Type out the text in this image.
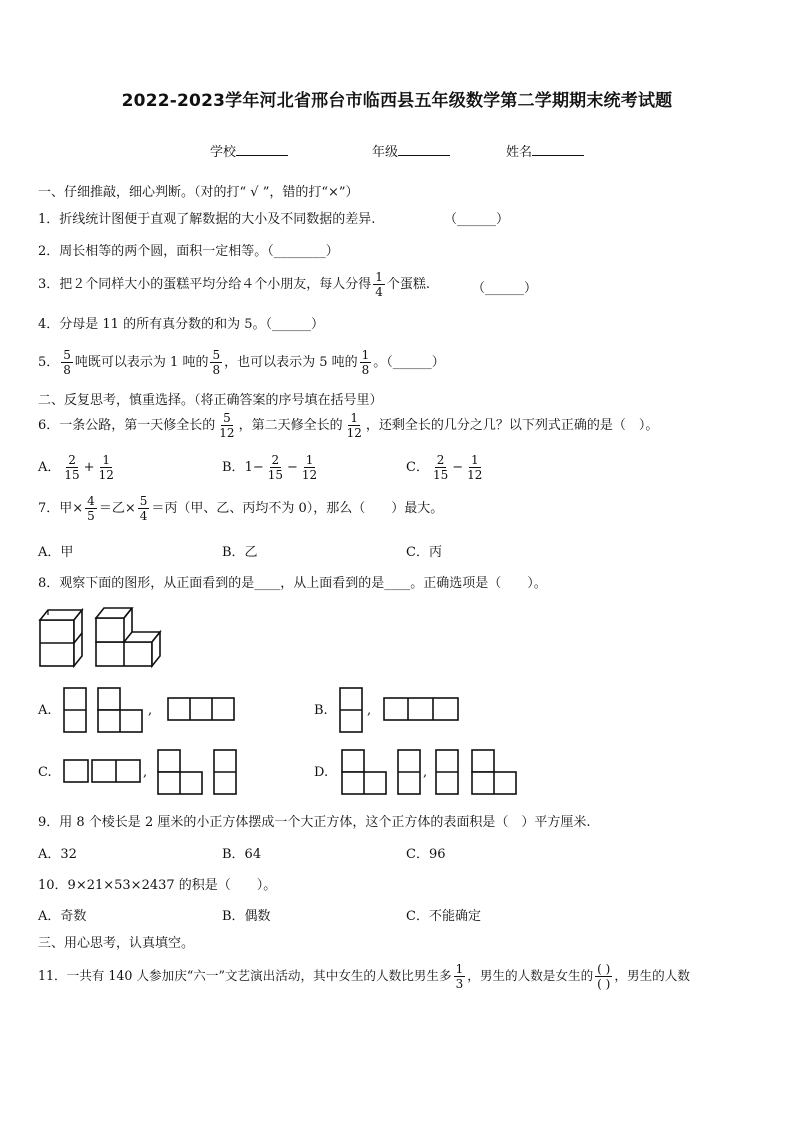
2022-2023学年河北省邢台市临西县五年级数学第二学期期末统考试题
学校	年级	姓名
一、仔细推敲，细心判断。（对的打“ √ ”，错的打“×”）
1．折线统计图便于直观了解数据的大小及不同数据的差异.	（______）
2．周长相等的两个圆，面积一定相等。（________）
3．把２个同样大小的蛋糕平均分给４个小朋友，每人分得 $\frac{1}{4}$ 个蛋糕.	（______）
4．分母是 11 的所有真分数的和为 5。（______）
5． $\frac{5}{8}$ 吨既可以表示为 1 吨的 $\frac{5}{8}$ ，也可以表示为 5 吨的 $\frac{1}{8}$ 。（______）
二、反复思考，慎重选择。（将正确答案的序号填在括号里）
6．一条公路，第一天修全长的 $\frac{5}{12}$ ，第二天修全长的 $\frac{1}{12}$ ，还剩全长的几分之几？以下列式正确的是（　）。
A． $\frac{2}{15} + \frac{1}{12}$	B．$1- \frac{2}{15} - \frac{1}{12}$	C． $\frac{2}{15} - \frac{1}{12}$
7．甲× $\frac{4}{5}$ ＝乙× $\frac{5}{4}$ ＝丙（甲、乙、丙均不为 0），那么（　　）最大。
A．甲	B．乙	C．丙
8．观察下面的图形，从正面看到的是____，从上面看到的是____。正确选项是（　　）。
A.	,	B.	,
C.	,	D.	,
9．用 8 个棱长是 2 厘米的小正方体摆成一个大正方体，这个正方体的表面积是（　）平方厘米.
A．32	B．64	C．96
10．9×21×53×2437 的积是（　　）。
A．奇数	B．偶数	C．不能确定
三、用心思考，认真填空。
11．一共有 140 人参加庆“六一”文艺演出活动，其中女生的人数比男生多 $\frac{1}{3}$ ，男生的人数是女生的 $\frac{( )}{( )}$ ，男生的人数
